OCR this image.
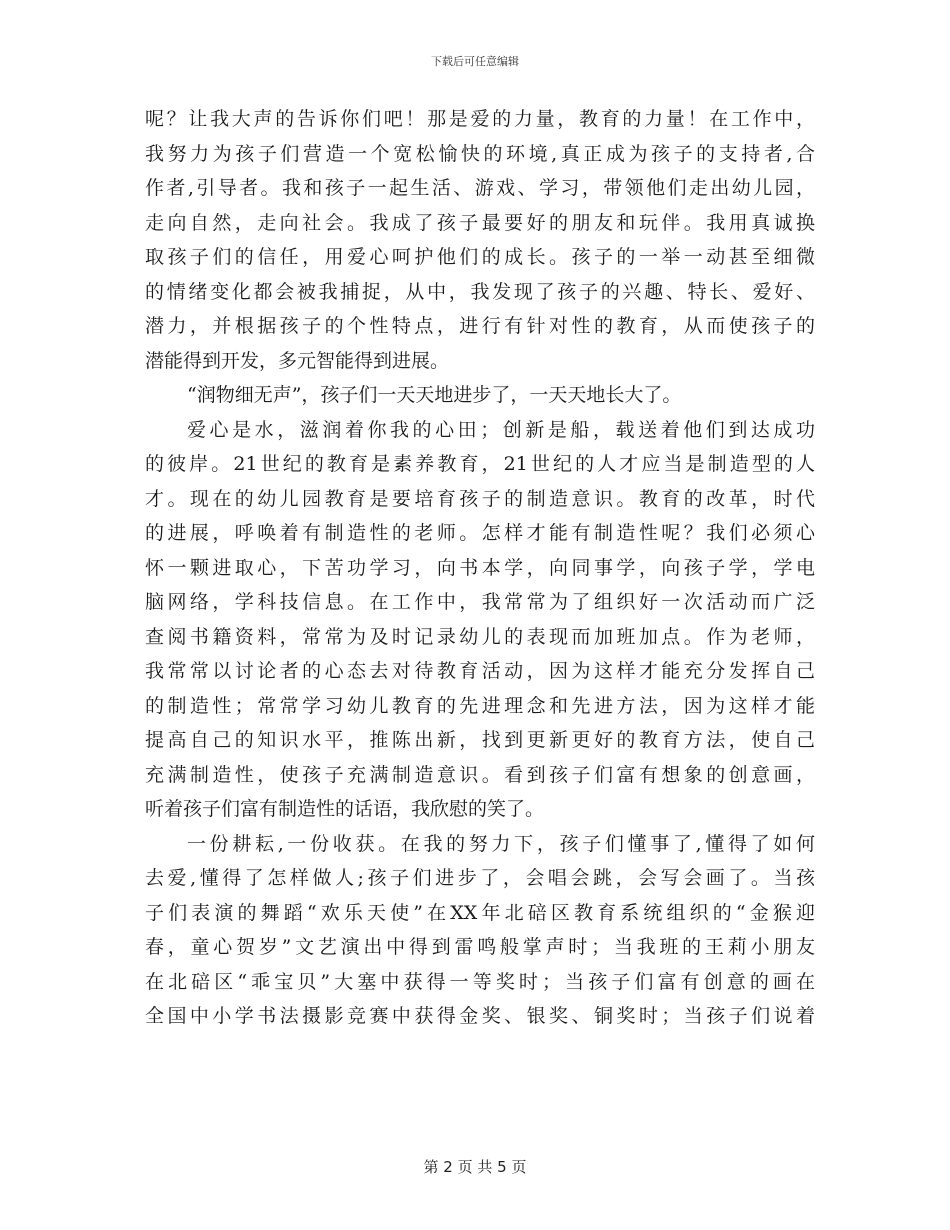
下载后可任意编辑
呢？让我大声的告诉你们吧！那是爱的力量，教育的力量！在工作中，
我努力为孩子们营造一个宽松愉快的环境,真正成为孩子的支持者,合
作者,引导者。我和孩子一起生活、游戏、学习，带领他们走出幼儿园，
走向自然，走向社会。我成了孩子最要好的朋友和玩伴。我用真诚换
取孩子们的信任，用爱心呵护他们的成长。孩子的一举一动甚至细微
的情绪变化都会被我捕捉，从中，我发现了孩子的兴趣、特长、爱好、
潜力，并根据孩子的个性特点，进行有针对性的教育，从而使孩子的
潜能得到开发，多元智能得到进展。
“润物细无声”，孩子们一天天地进步了，一天天地长大了。
爱心是水，滋润着你我的心田；创新是船，载送着他们到达成功
的彼岸。21世纪的教育是素养教育，21世纪的人才应当是制造型的人
才。现在的幼儿园教育是要培育孩子的制造意识。教育的改革，时代
的进展，呼唤着有制造性的老师。怎样才能有制造性呢？我们必须心
怀一颗进取心，下苦功学习，向书本学，向同事学，向孩子学，学电
脑网络，学科技信息。在工作中，我常常为了组织好一次活动而广泛
查阅书籍资料，常常为及时记录幼儿的表现而加班加点。作为老师，
我常常以讨论者的心态去对待教育活动，因为这样才能充分发挥自己
的制造性；常常学习幼儿教育的先进理念和先进方法，因为这样才能
提高自己的知识水平，推陈出新，找到更新更好的教育方法，使自己
充满制造性，使孩子充满制造意识。看到孩子们富有想象的创意画，
听着孩子们富有制造性的话语，我欣慰的笑了。
一份耕耘,一份收获。在我的努力下，孩子们懂事了,懂得了如何
去爱,懂得了怎样做人;孩子们进步了，会唱会跳，会写会画了。当孩
子们表演的舞蹈“欢乐天使”在XX年北碚区教育系统组织的“金猴迎
春，童心贺岁”文艺演出中得到雷鸣般掌声时；当我班的王莉小朋友
在北碚区“乖宝贝”大塞中获得一等奖时；当孩子们富有创意的画在
全国中小学书法摄影竞赛中获得金奖、银奖、铜奖时；当孩子们说着
第 2 页 共 5 页
